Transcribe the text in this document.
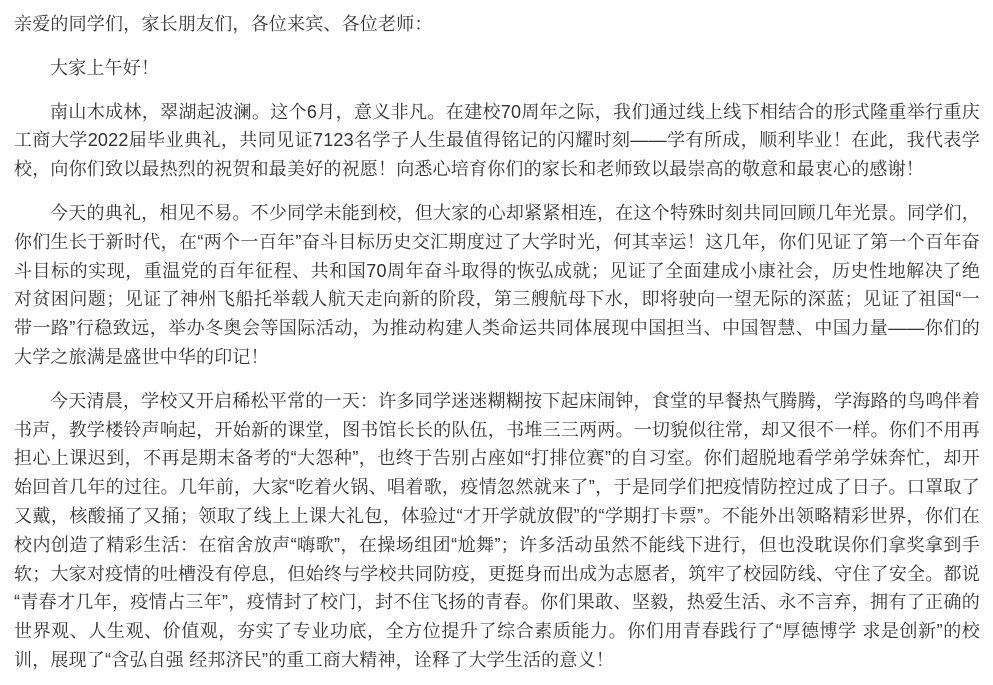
亲爱的同学们，家长朋友们，各位来宾、各位老师：

大家上午好！

南山木成林，翠湖起波澜。这个6月，意义非凡。在建校70周年之际，我们通过线上线下相结合的形式隆重举行重庆工商大学2022届毕业典礼，共同见证7123名学子人生最值得铭记的闪耀时刻——学有所成，顺利毕业！在此，我代表学校，向你们致以最热烈的祝贺和最美好的祝愿！向悉心培育你们的家长和老师致以最崇高的敬意和最衷心的感谢！

今天的典礼，相见不易。不少同学未能到校，但大家的心却紧紧相连，在这个特殊时刻共同回顾几年光景。同学们，你们生长于新时代，在“两个一百年”奋斗目标历史交汇期度过了大学时光，何其幸运！这几年，你们见证了第一个百年奋斗目标的实现，重温党的百年征程、共和国70周年奋斗取得的恢弘成就；见证了全面建成小康社会，历史性地解决了绝对贫困问题；见证了神州飞船托举载人航天走向新的阶段，第三艘航母下水，即将驶向一望无际的深蓝；见证了祖国“一带一路”行稳致远，举办冬奥会等国际活动，为推动构建人类命运共同体展现中国担当、中国智慧、中国力量——你们的大学之旅满是盛世中华的印记！

今天清晨，学校又开启稀松平常的一天：许多同学迷迷糊糊按下起床闹钟，食堂的早餐热气腾腾，学海路的鸟鸣伴着书声，教学楼铃声响起，开始新的课堂，图书馆长长的队伍，书堆三三两两。一切貌似往常，却又很不一样。你们不用再担心上课迟到，不再是期末备考的“大怨种”，也终于告别占座如“打排位赛”的自习室。你们超脱地看学弟学妹奔忙，却开始回首几年的过往。几年前，大家“吃着火锅、唱着歌，疫情忽然就来了”，于是同学们把疫情防控过成了日子。口罩取了又戴，核酸捅了又捅；领取了线上上课大礼包，体验过“才开学就放假”的“学期打卡票”。不能外出领略精彩世界，你们在校内创造了精彩生活：在宿舍放声“嗨歌”，在操场组团“尬舞”；许多活动虽然不能线下进行，但也没耽误你们拿奖拿到手软；大家对疫情的吐槽没有停息，但始终与学校共同防疫，更挺身而出成为志愿者，筑牢了校园防线、守住了安全。都说“青春才几年，疫情占三年”，疫情封了校门，封不住飞扬的青春。你们果敢、坚毅，热爱生活、永不言弃，拥有了正确的世界观、人生观、价值观，夯实了专业功底，全方位提升了综合素质能力。你们用青春践行了“厚德博学 求是创新”的校训，展现了“含弘自强 经邦济民”的重工商大精神，诠释了大学生活的意义！
